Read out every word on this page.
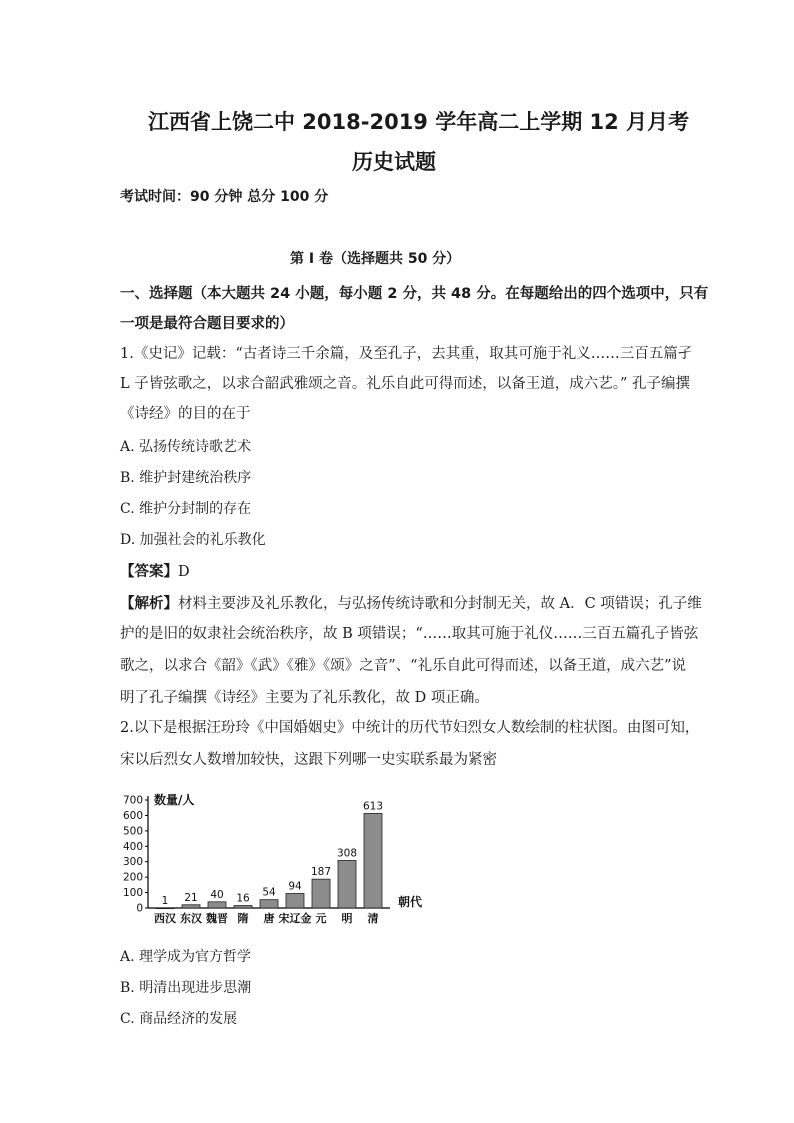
江西省上饶二中 2018-2019 学年高二上学期 12 月月考
历史试题
考试时间：90 分钟 总分 100 分
第 I 卷（选择题共 50 分）
一、选择题（本大题共 24 小题，每小题 2 分，共 48 分。在每题给出的四个选项中，只有
一项是最符合题目要求的）
1.《史记》记载：“古者诗三千余篇，及至孔子，去其重，取其可施于礼义……三百五篇孑
L 子皆弦歌之，以求合韶武雅颂之音。礼乐自此可得而述，以备王道，成六艺。” 孔子编撰
《诗经》的目的在于
A. 弘扬传统诗歌艺术
B. 维护封建统治秩序
C. 维护分封制的存在
D. 加强社会的礼乐教化
【答案】D
【解析】材料主要涉及礼乐教化，与弘扬传统诗歌和分封制无关，故 A．C 项错误；孔子维
护的是旧的奴隶社会统治秩序，故 B 项错误；“……取其可施于礼仪……三百五篇孔子皆弦
歌之，以求合《韶》《武》《雅》《颂》之音”、“礼乐自此可得而述，以备王道，成六艺”说
明了孔子编撰《诗经》主要为了礼乐教化，故 D 项正确。
2.以下是根据汪玢玲《中国婚姻史》中统计的历代节妇烈女人数绘制的柱状图。由图可知，
宋以后烈女人数增加较快，这跟下列哪一史实联系最为紧密
0
100
200
300
400
500
600
700 数量/人
朝代
1
西汉
21
东汉
40
魏晋
16
隋
54
唐
94
宋辽金
187
元
308
明
613
清
A. 理学成为官方哲学
B. 明清出现进步思潮
C. 商品经济的发展
